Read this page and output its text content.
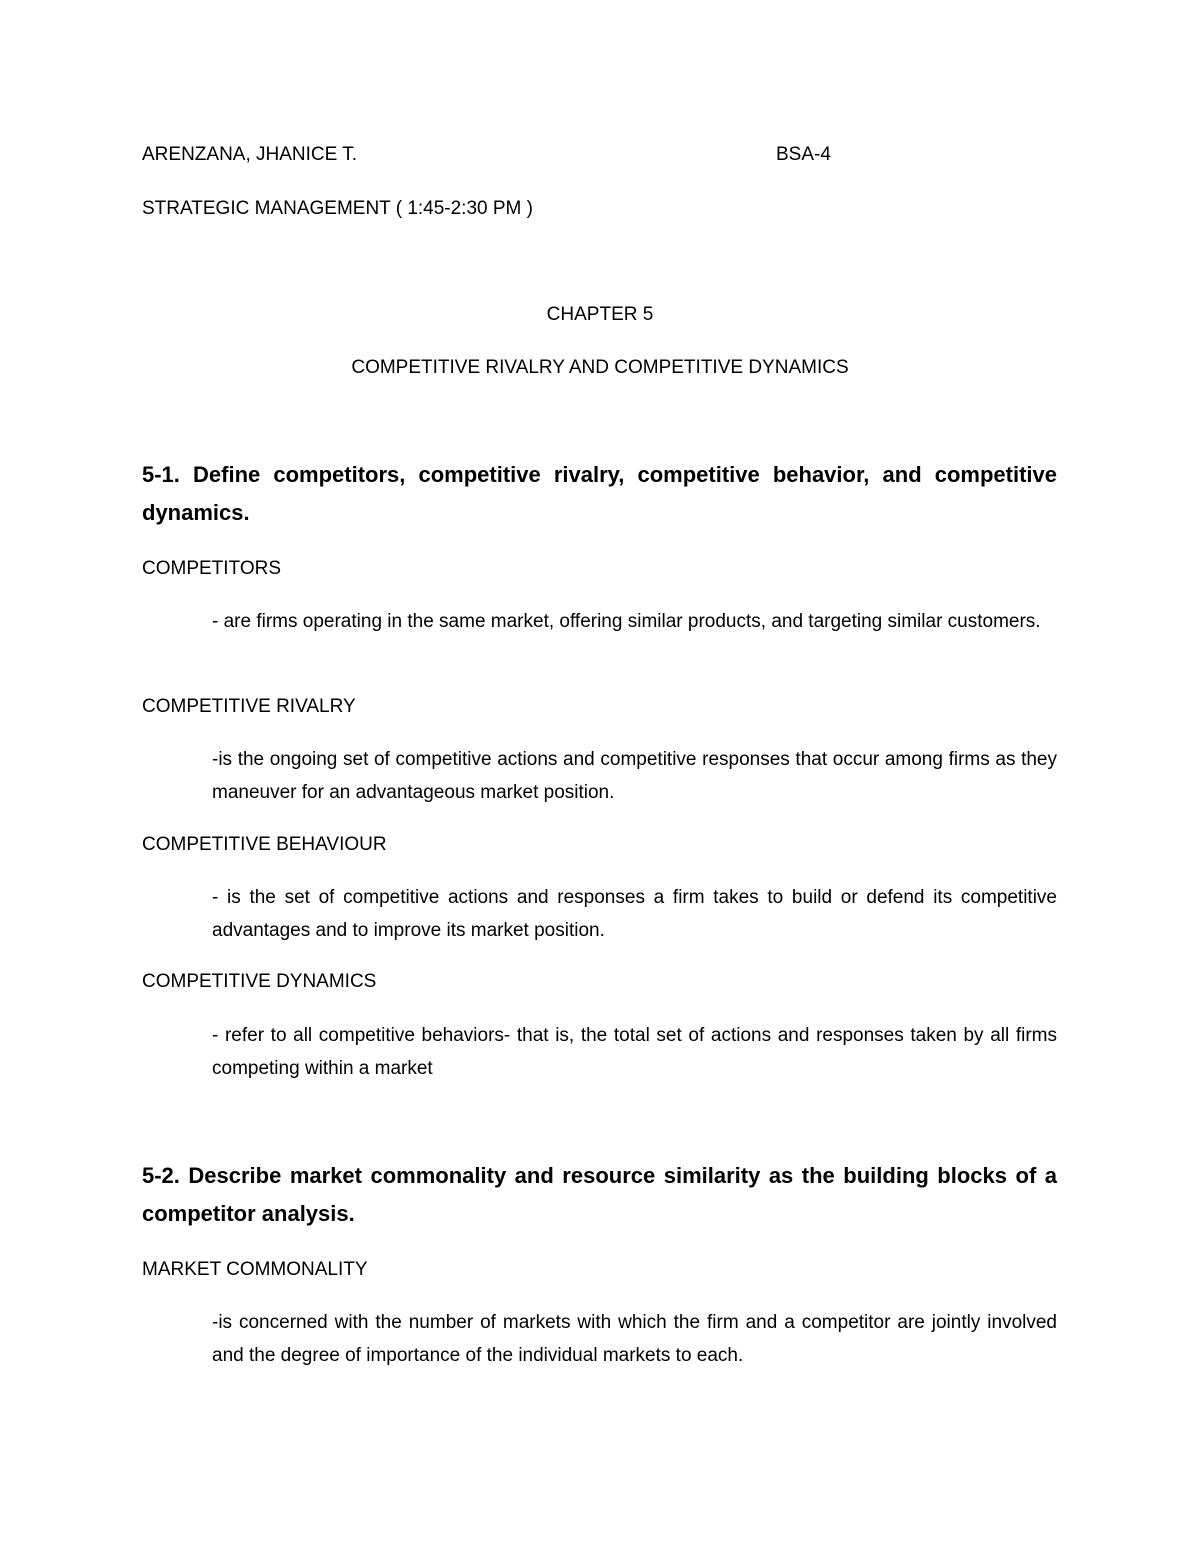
ARENZANA, JHANICE T.	BSA-4
STRATEGIC MANAGEMENT ( 1:45-2:30 PM )
CHAPTER 5
COMPETITIVE RIVALRY AND COMPETITIVE DYNAMICS
5-1. Define competitors, competitive rivalry, competitive behavior, and competitive dynamics.
COMPETITORS
- are firms operating in the same market, offering similar products, and targeting similar customers.
COMPETITIVE RIVALRY
-is the ongoing set of competitive actions and competitive responses that occur among firms as they maneuver for an advantageous market position.
COMPETITIVE BEHAVIOUR
- is the set of competitive actions and responses a firm takes to build or defend its competitive advantages and to improve its market position.
COMPETITIVE DYNAMICS
- refer to all competitive behaviors- that is, the total set of actions and responses taken by all firms competing within a market
5-2. Describe market commonality and resource similarity as the building blocks of a competitor analysis.
MARKET COMMONALITY
-is concerned with the number of markets with which the firm and a competitor are jointly involved and the degree of importance of the individual markets to each.
